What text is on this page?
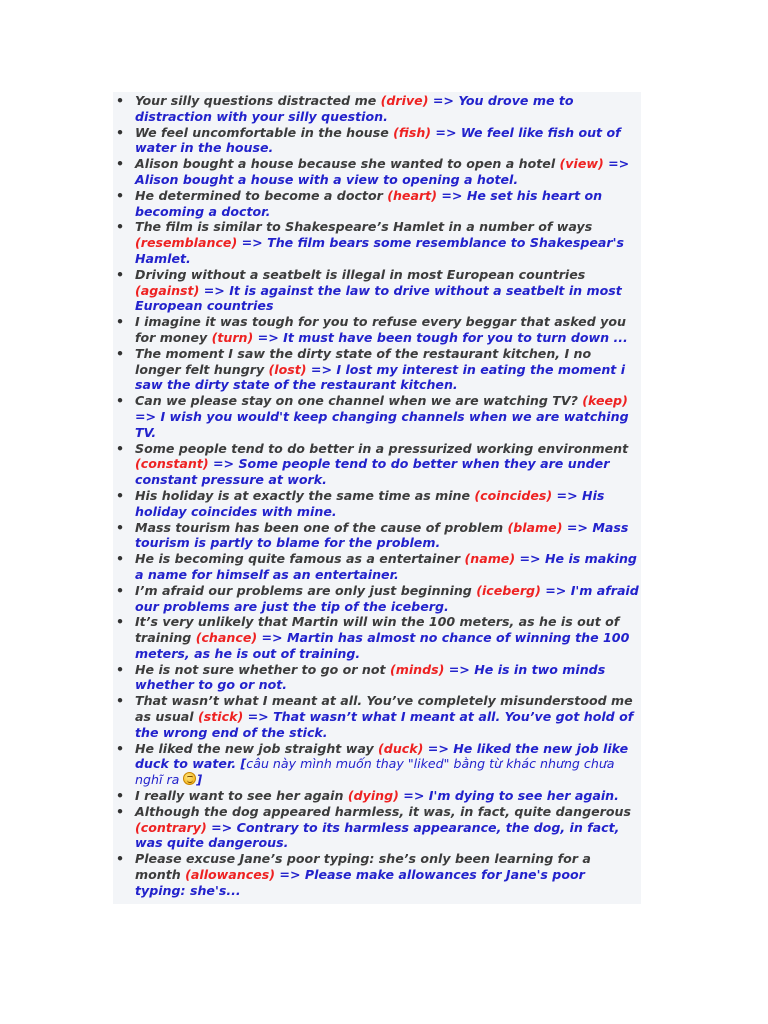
• Your silly questions distracted me (drive) => You drove me to distraction with your silly question.
• We feel uncomfortable in the house (fish) => We feel like fish out of water in the house.
• Alison bought a house because she wanted to open a hotel (view) => Alison bought a house with a view to opening a hotel.
• He determined to become a doctor (heart) => He set his heart on becoming a doctor.
• The film is similar to Shakespeare’s Hamlet in a number of ways (resemblance) => The film bears some resemblance to Shakespear's Hamlet.
• Driving without a seatbelt is illegal in most European countries (against) => It is against the law to drive without a seatbelt in most European countries
• I imagine it was tough for you to refuse every beggar that asked you for money (turn) => It must have been tough for you to turn down ...
• The moment I saw the dirty state of the restaurant kitchen, I no longer felt hungry (lost) => I lost my interest in eating the moment i saw the dirty state of the restaurant kitchen.
• Can we please stay on one channel when we are watching TV? (keep) => I wish you would't keep changing channels when we are watching TV.
• Some people tend to do better in a pressurized working environment (constant) => Some people tend to do better when they are under constant pressure at work.
• His holiday is at exactly the same time as mine (coincides) => His holiday coincides with mine.
• Mass tourism has been one of the cause of problem (blame) => Mass tourism is partly to blame for the problem.
• He is becoming quite famous as a entertainer (name) => He is making a name for himself as an entertainer.
• I’m afraid our problems are only just beginning (iceberg) => I'm afraid our problems are just the tip of the iceberg.
• It’s very unlikely that Martin will win the 100 meters, as he is out of training (chance) => Martin has almost no chance of winning the 100 meters, as he is out of training.
• He is not sure whether to go or not (minds) => He is in two minds whether to go or not.
• That wasn’t what I meant at all. You’ve completely misunderstood me as usual (stick) => That wasn’t what I meant at all. You’ve got hold of the wrong end of the stick.
• He liked the new job straight way (duck) => He liked the new job like duck to water. [câu này mình muốn thay "liked" bằng từ khác nhưng chưa nghĩ ra ]
• I really want to see her again (dying) => I'm dying to see her again.
• Although the dog appeared harmless, it was, in fact, quite dangerous (contrary) => Contrary to its harmless appearance, the dog, in fact, was quite dangerous.
• Please excuse Jane’s poor typing: she’s only been learning for a month (allowances) => Please make allowances for Jane's poor typing: she's...
